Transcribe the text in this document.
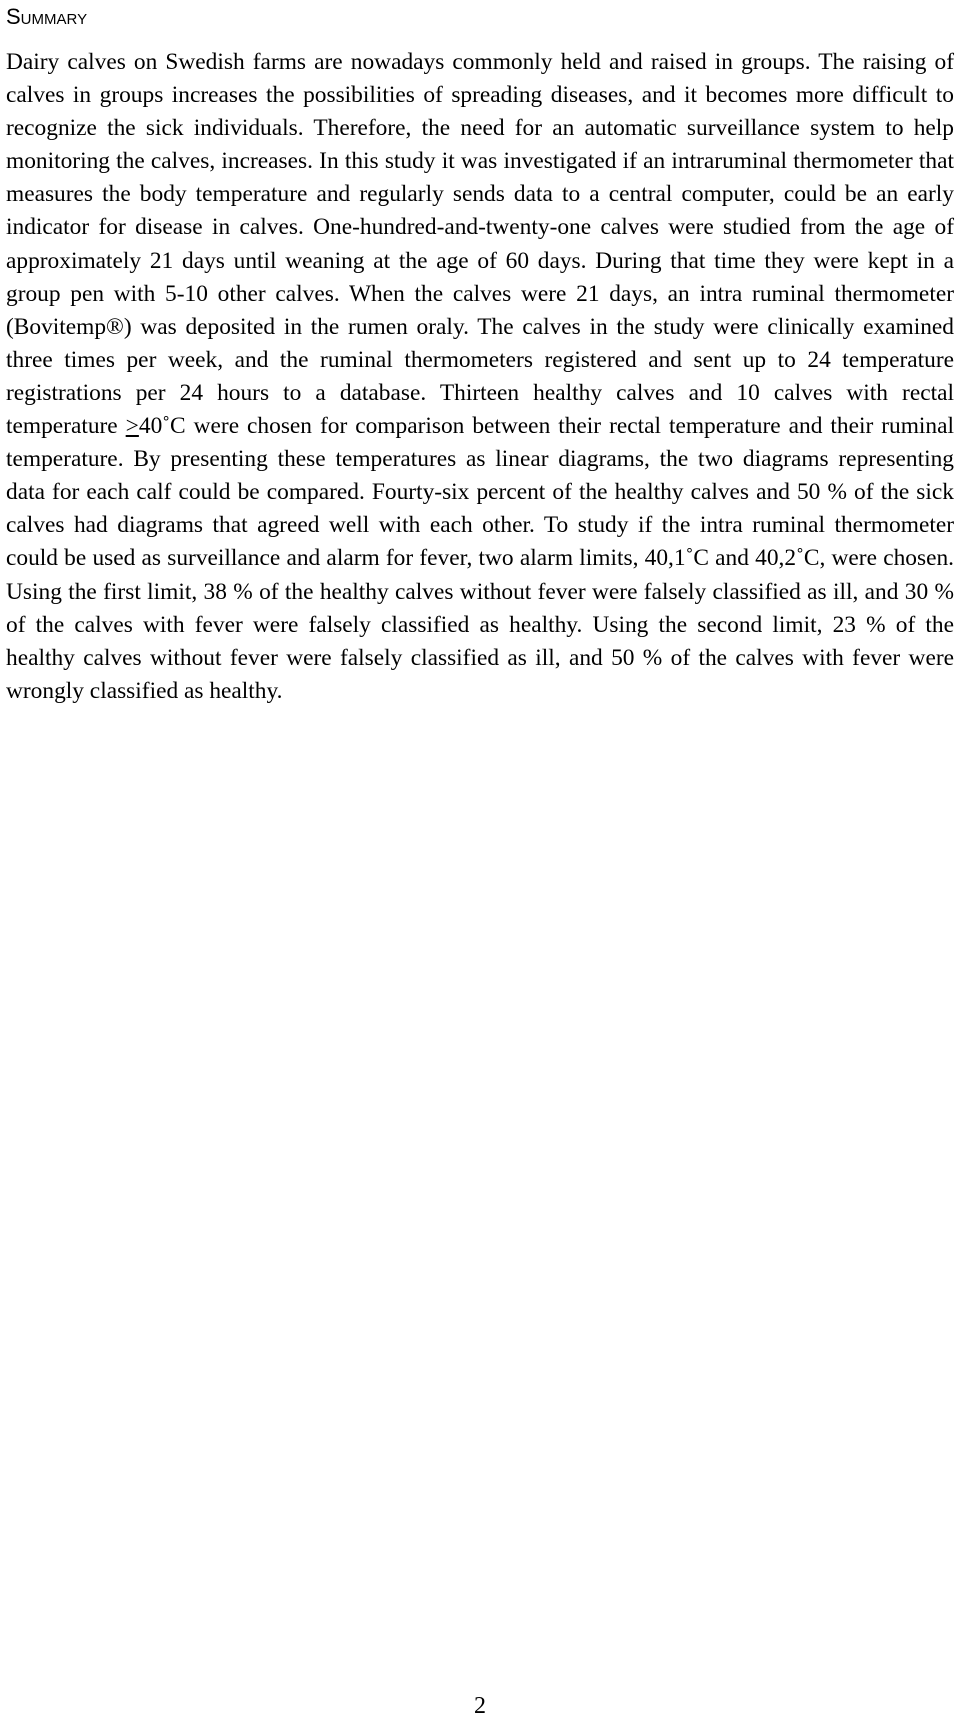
Summary

Dairy calves on Swedish farms are nowadays commonly held and raised in groups. The raising of calves in groups increases the possibilities of spreading diseases, and it becomes more difficult to recognize the sick individuals. Therefore, the need for an automatic surveillance system to help monitoring the calves, increases. In this study it was investigated if an intraruminal thermometer that measures the body temperature and regularly sends data to a central computer, could be an early indicator for disease in calves. One-hundred-and-twenty-one calves were studied from the age of approximately 21 days until weaning at the age of 60 days. During that time they were kept in a group pen with 5-10 other calves. When the calves were 21 days, an intra ruminal thermometer (Bovitemp®) was deposited in the rumen oraly. The calves in the study were clinically examined three times per week, and the ruminal thermometers registered and sent up to 24 temperature registrations per 24 hours to a database. Thirteen healthy calves and 10 calves with rectal temperature ≥40˚C were chosen for comparison between their rectal temperature and their ruminal temperature. By presenting these temperatures as linear diagrams, the two diagrams representing data for each calf could be compared. Fourty-six percent of the healthy calves and 50 % of the sick calves had diagrams that agreed well with each other. To study if the intra ruminal thermometer could be used as surveillance and alarm for fever, two alarm limits, 40,1˚C and 40,2˚C, were chosen. Using the first limit, 38 % of the healthy calves without fever were falsely classified as ill, and 30 % of the calves with fever were falsely classified as healthy. Using the second limit, 23 % of the healthy calves without fever were falsely classified as ill, and 50 % of the calves with fever were wrongly classified as healthy.

2
